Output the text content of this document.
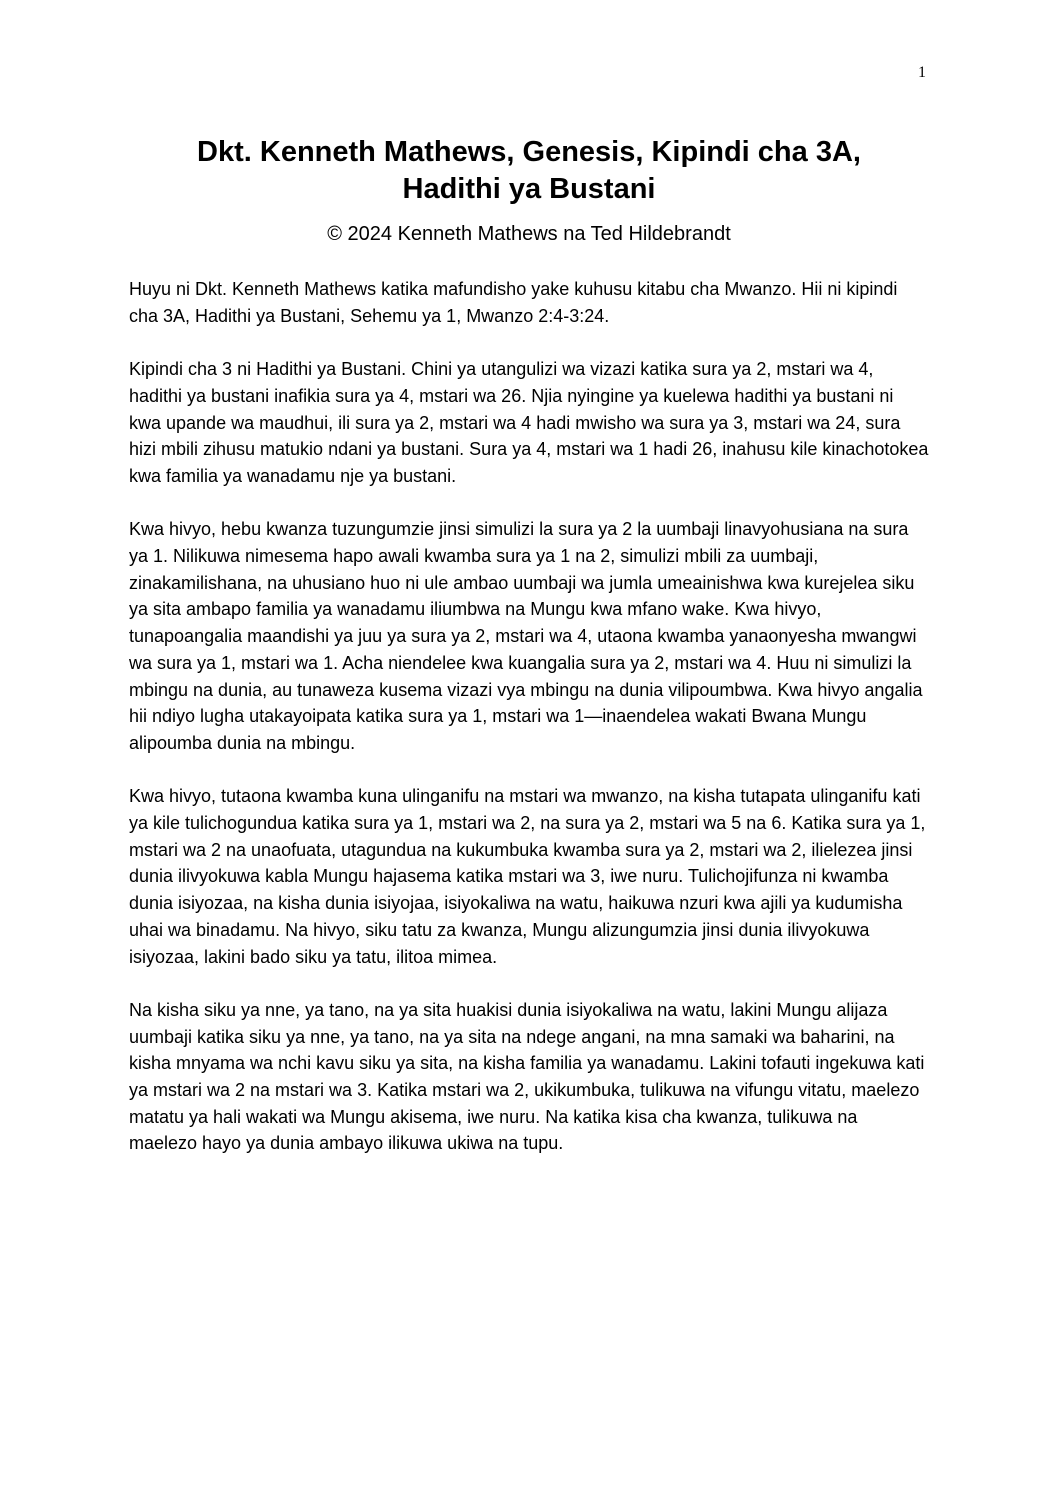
1
Dkt. Kenneth Mathews, Genesis, Kipindi cha 3A,
Hadithi ya Bustani
© 2024 Kenneth Mathews na Ted Hildebrandt

Huyu ni Dkt. Kenneth Mathews katika mafundisho yake kuhusu kitabu cha Mwanzo. Hii ni kipindi cha 3A, Hadithi ya Bustani, Sehemu ya 1, Mwanzo 2:4-3:24.

Kipindi cha 3 ni Hadithi ya Bustani. Chini ya utangulizi wa vizazi katika sura ya 2, mstari wa 4, hadithi ya bustani inafikia sura ya 4, mstari wa 26. Njia nyingine ya kuelewa hadithi ya bustani ni kwa upande wa maudhui, ili sura ya 2, mstari wa 4 hadi mwisho wa sura ya 3, mstari wa 24, sura hizi mbili zihusu matukio ndani ya bustani. Sura ya 4, mstari wa 1 hadi 26, inahusu kile kinachotokea kwa familia ya wanadamu nje ya bustani.

Kwa hivyo, hebu kwanza tuzungumzie jinsi simulizi la sura ya 2 la uumbaji linavyohusiana na sura ya 1. Nilikuwa nimesema hapo awali kwamba sura ya 1 na 2, simulizi mbili za uumbaji, zinakamilishana, na uhusiano huo ni ule ambao uumbaji wa jumla umeainishwa kwa kurejelea siku ya sita ambapo familia ya wanadamu iliumbwa na Mungu kwa mfano wake. Kwa hivyo, tunapoangalia maandishi ya juu ya sura ya 2, mstari wa 4, utaona kwamba yanaonyesha mwangwi wa sura ya 1, mstari wa 1. Acha niendelee kwa kuangalia sura ya 2, mstari wa 4. Huu ni simulizi la mbingu na dunia, au tunaweza kusema vizazi vya mbingu na dunia vilipoumbwa. Kwa hivyo angalia hii ndiyo lugha utakayoipata katika sura ya 1, mstari wa 1—inaendelea wakati Bwana Mungu alipoumba dunia na mbingu.

Kwa hivyo, tutaona kwamba kuna ulinganifu na mstari wa mwanzo, na kisha tutapata ulinganifu kati ya kile tulichogundua katika sura ya 1, mstari wa 2, na sura ya 2, mstari wa 5 na 6. Katika sura ya 1, mstari wa 2 na unaofuata, utagundua na kukumbuka kwamba sura ya 2, mstari wa 2, ilielezea jinsi dunia ilivyokuwa kabla Mungu hajasema katika mstari wa 3, iwe nuru. Tulichojifunza ni kwamba dunia isiyozaa, na kisha dunia isiyojaa, isiyokaliwa na watu, haikuwa nzuri kwa ajili ya kudumisha uhai wa binadamu. Na hivyo, siku tatu za kwanza, Mungu alizungumzia jinsi dunia ilivyokuwa isiyozaa, lakini bado siku ya tatu, ilitoa mimea.

Na kisha siku ya nne, ya tano, na ya sita huakisi dunia isiyokaliwa na watu, lakini Mungu alijaza uumbaji katika siku ya nne, ya tano, na ya sita na ndege angani, na mna samaki wa baharini, na kisha mnyama wa nchi kavu siku ya sita, na kisha familia ya wanadamu. Lakini tofauti ingekuwa kati ya mstari wa 2 na mstari wa 3. Katika mstari wa 2, ukikumbuka, tulikuwa na vifungu vitatu, maelezo matatu ya hali wakati wa Mungu akisema, iwe nuru. Na katika kisa cha kwanza, tulikuwa na maelezo hayo ya dunia ambayo ilikuwa ukiwa na tupu.
